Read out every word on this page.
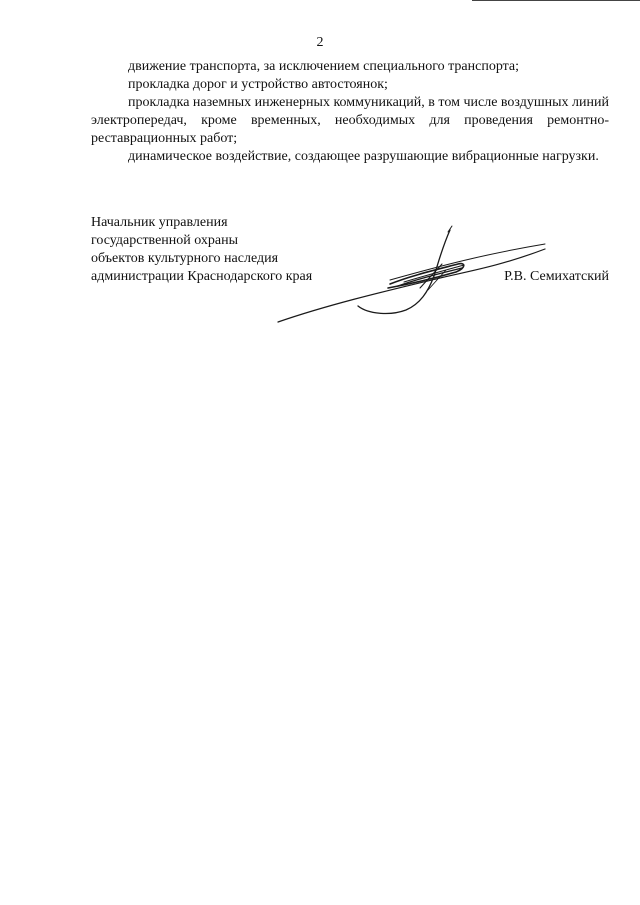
2

движение транспорта, за исключением специального транспорта;

прокладка дорог и устройство автостоянок;

прокладка наземных инженерных коммуникаций, в том числе воздушных линий электропередач, кроме временных, необходимых для проведения ремонтно-реставрационных работ;

динамическое воздействие, создающее разрушающие вибрационные нагрузки.

Начальник управления
государственной охраны
объектов культурного наследия
администрации Краснодарского края	Р.В. Семихатский
